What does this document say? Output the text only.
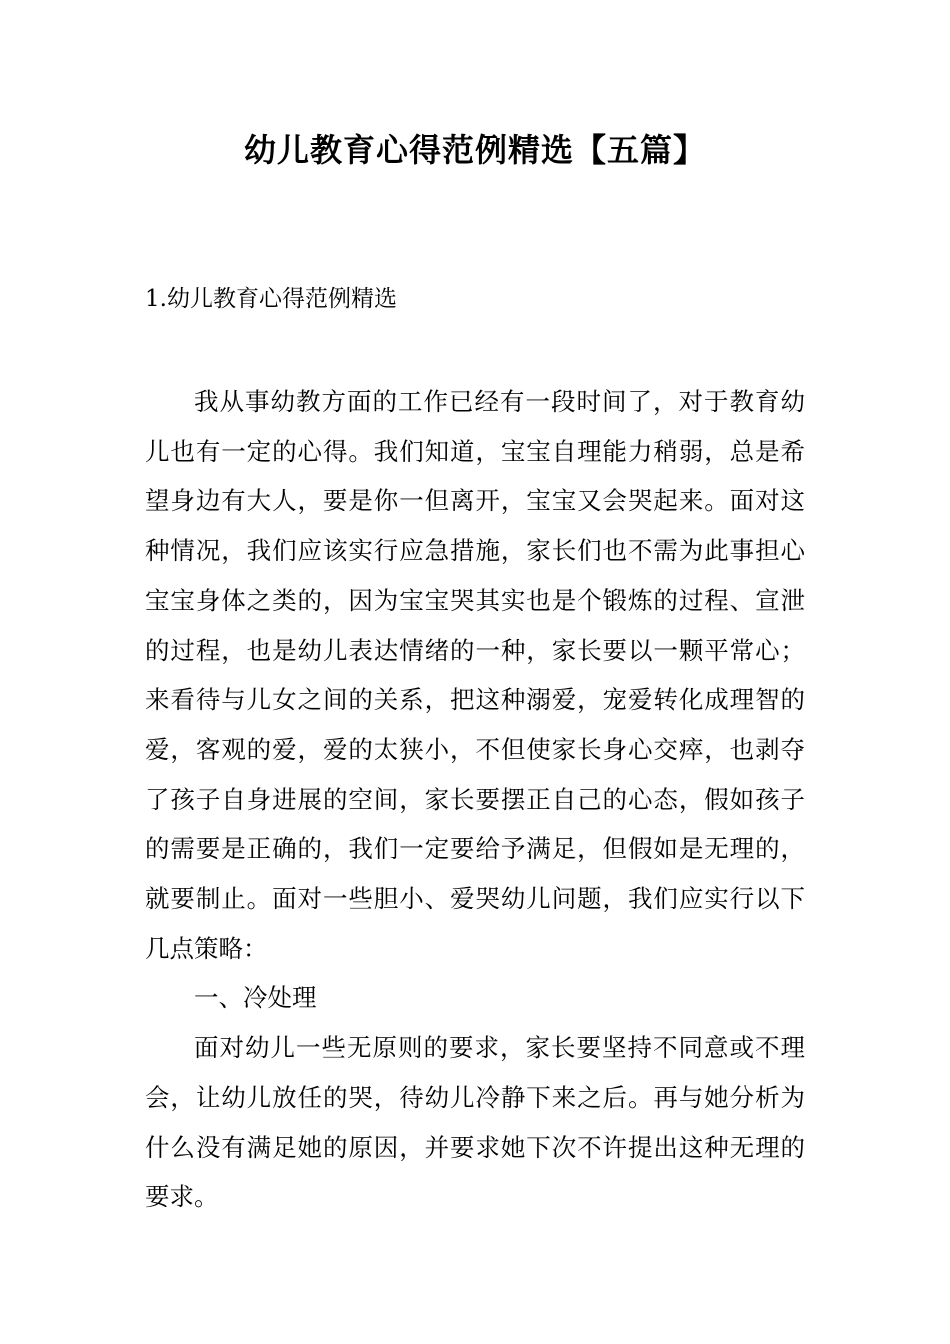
幼儿教育心得范例精选【五篇】
1.幼儿教育心得范例精选

我从事幼教方面的工作已经有一段时间了，对于教育幼儿也有一定的心得。我们知道，宝宝自理能力稍弱，总是希望身边有大人，要是你一但离开，宝宝又会哭起来。面对这种情况，我们应该实行应急措施，家长们也不需为此事担心宝宝身体之类的，因为宝宝哭其实也是个锻炼的过程、宣泄的过程，也是幼儿表达情绪的一种，家长要以一颗平常心；来看待与儿女之间的关系，把这种溺爱，宠爱转化成理智的爱，客观的爱，爱的太狭小，不但使家长身心交瘁，也剥夺了孩子自身进展的空间，家长要摆正自己的心态，假如孩子的需要是正确的，我们一定要给予满足，但假如是无理的，就要制止。面对一些胆小、爱哭幼儿问题，我们应实行以下几点策略：

一、冷处理

面对幼儿一些无原则的要求，家长要坚持不同意或不理会，让幼儿放任的哭，待幼儿冷静下来之后。再与她分析为什么没有满足她的原因，并要求她下次不许提出这种无理的要求。
